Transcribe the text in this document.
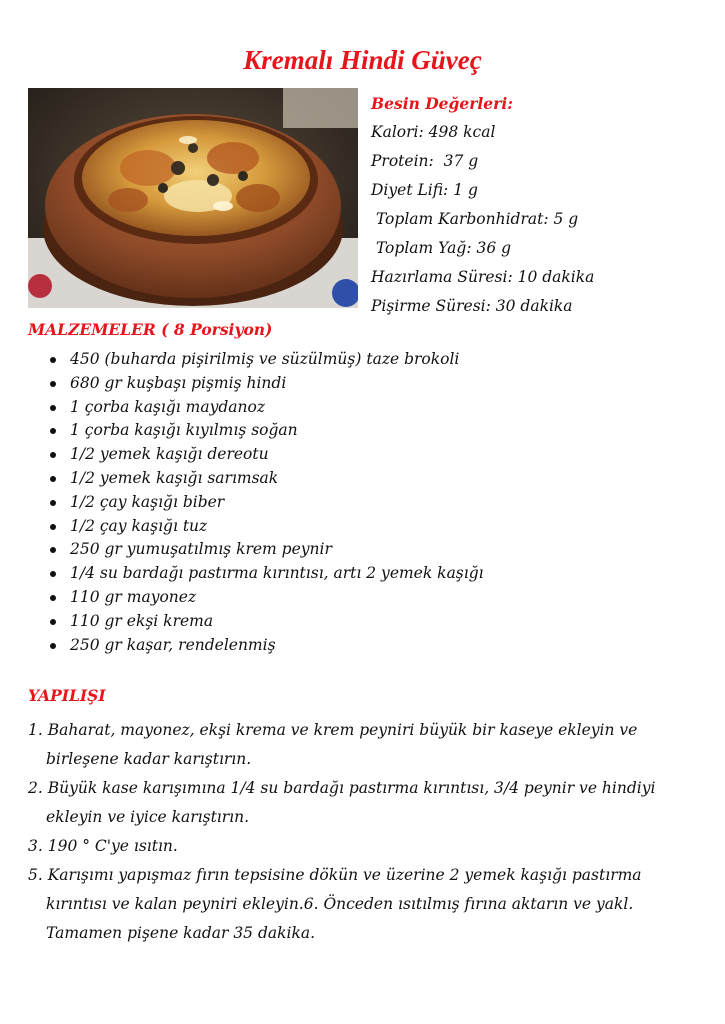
Kremalı Hindi Güveç
Besin Değerleri:
Kalori: 498 kcal
Protein:  37 g
Diyet Lifi: 1 g
Toplam Karbonhidrat: 5 g
Toplam Yağ: 36 g
Hazırlama Süresi: 10 dakika
Pişirme Süresi: 30 dakika
MALZEMELER ( 8 Porsiyon)
450 (buharda pişirilmiş ve süzülmüş) taze brokoli
680 gr kuşbaşı pişmiş hindi
1 çorba kaşığı maydanoz
1 çorba kaşığı kıyılmış soğan
1/2 yemek kaşığı dereotu
1/2 yemek kaşığı sarımsak
1/2 çay kaşığı biber
1/2 çay kaşığı tuz
250 gr yumuşatılmış krem peynir
1/4 su bardağı pastırma kırıntısı, artı 2 yemek kaşığı
110 gr mayonez
110 gr ekşi krema
250 gr kaşar, rendelenmiş
YAPILIŞI
1. Baharat, mayonez, ekşi krema ve krem peyniri büyük bir kaseye ekleyin ve birleşene kadar karıştırın.
2. Büyük kase karışımına 1/4 su bardağı pastırma kırıntısı, 3/4 peynir ve hindiyi ekleyin ve iyice karıştırın.
3. 190 ° C'ye ısıtın.
5. Karışımı yapışmaz fırın tepsisine dökün ve üzerine 2 yemek kaşığı pastırma kırıntısı ve kalan peyniri ekleyin.6. Önceden ısıtılmış fırına aktarın ve yakl. Tamamen pişene kadar 35 dakika.
